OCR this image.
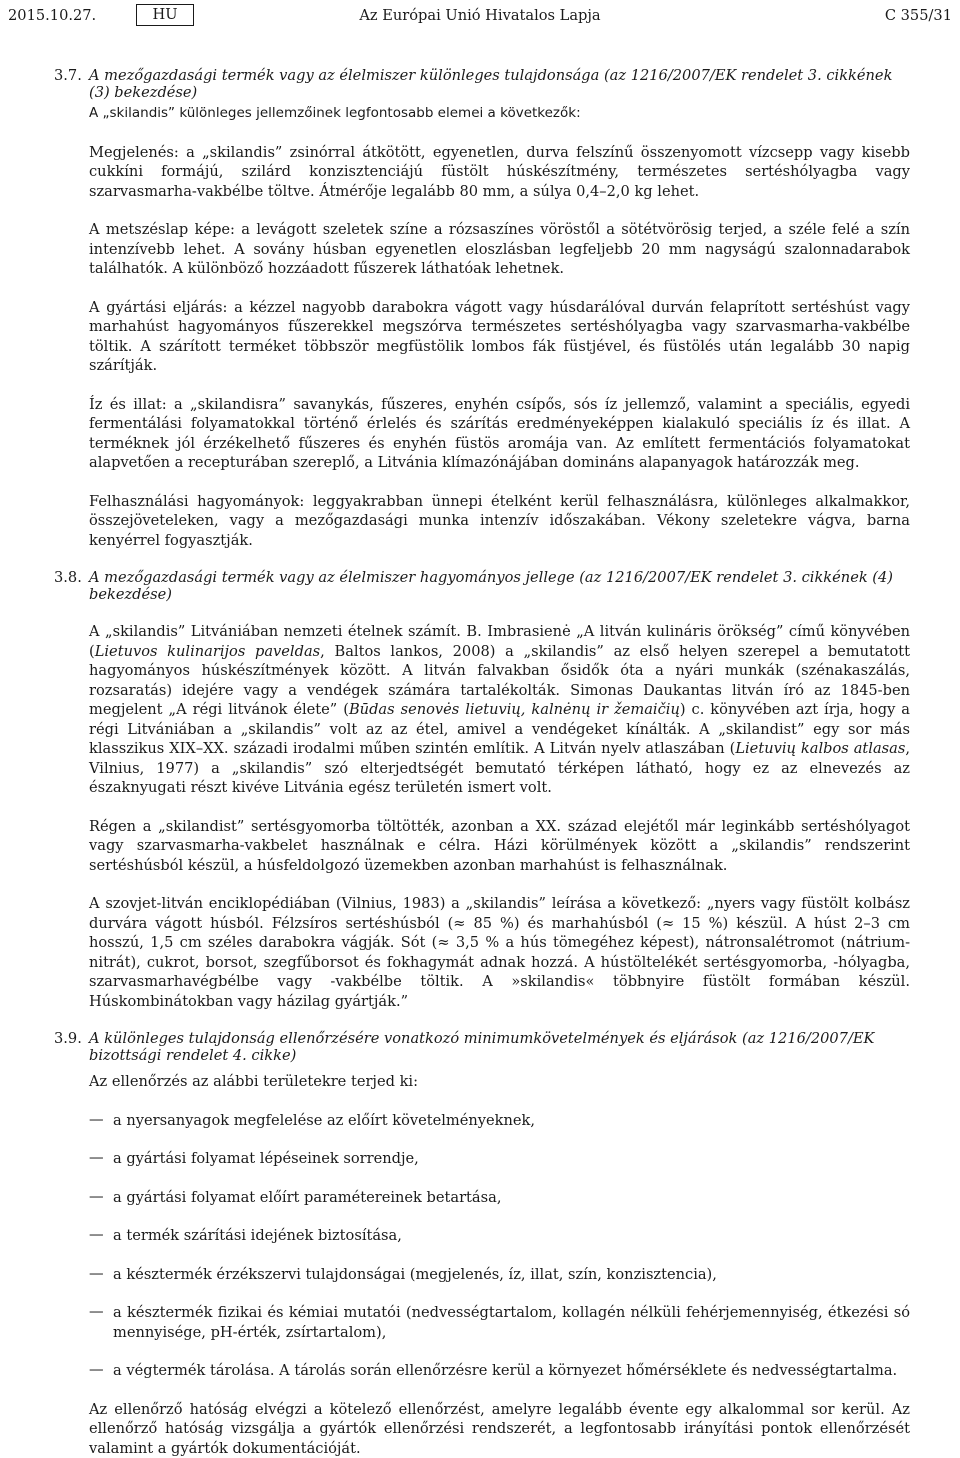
2015.10.27.	HU	Az Európai Unió Hivatalos Lapja	C 355/31
3.7. A mezőgazdasági termék vagy az élelmiszer különleges tulajdonsága (az 1216/2007/EK rendelet 3. cikkének (3) bekezdése)

A „skilandis” különleges jellemzőinek legfontosabb elemei a következők:

Megjelenés: a „skilandis” zsinórral átkötött, egyenetlen, durva felszínű összenyomott vízcsepp vagy kisebb cukkíni formájú, szilárd konzisztenciájú füstölt húskészítmény, természetes sertéshólyagba vagy szarvasmarha-vakbélbe töltve. Átmérője legalább 80 mm, a súlya 0,4–2,0 kg lehet.

A metszéslap képe: a levágott szeletek színe a rózsaszínes vöröstől a sötétvörösig terjed, a széle felé a szín intenzívebb lehet. A sovány húsban egyenetlen eloszlásban legfeljebb 20 mm nagyságú szalonnadarabok találhatók. A különböző hozzáadott fűszerek láthatóak lehetnek.

A gyártási eljárás: a kézzel nagyobb darabokra vágott vagy húsdarálóval durván felaprított sertéshúst vagy marhahúst hagyományos fűszerekkel megszórva természetes sertéshólyagba vagy szarvasmarha-vakbélbe töltik. A szárított terméket többször megfüstölik lombos fák füstjével, és füstölés után legalább 30 napig szárítják.

Íz és illat: a „skilandisra” savanykás, fűszeres, enyhén csípős, sós íz jellemző, valamint a speciális, egyedi fermentálási folyamatokkal történő érlelés és szárítás eredményeképpen kialakuló speciális íz és illat. A terméknek jól érzékelhető fűszeres és enyhén füstös aromája van. Az említett fermentációs folyamatokat alapvetően a recepturában szereplő, a Litvánia klímazónájában domináns alapanyagok határozzák meg.

Felhasználási hagyományok: leggyakrabban ünnepi ételként kerül felhasználásra, különleges alkalmakkor, összejöveteleken, vagy a mezőgazdasági munka intenzív időszakában. Vékony szeletekre vágva, barna kenyérrel fogyasztják.

3.8. A mezőgazdasági termék vagy az élelmiszer hagyományos jellege (az 1216/2007/EK rendelet 3. cikkének (4) bekezdése)

A „skilandis” Litvániában nemzeti ételnek számít. B. Imbrasienė „A litván kulináris örökség” című könyvében (Lietuvos kulinarijos paveldas, Baltos lankos, 2008) a „skilandis” az első helyen szerepel a bemutatott hagyományos húskészítmények között. A litván falvakban ősidők óta a nyári munkák (szénakaszálás, rozsaratás) idejére vagy a vendégek számára tartalékolták. Simonas Daukantas litván író az 1845-ben megjelent „A régi litvánok élete” (Būdas senovės lietuvių, kalnėnų ir žemaičių) c. könyvében azt írja, hogy a régi Litvániában a „skilandis” volt az az étel, amivel a vendégeket kínálták. A „skilandist” egy sor más klasszikus XIX–XX. századi irodalmi műben szintén említik. A Litván nyelv atlaszában (Lietuvių kalbos atlasas, Vilnius, 1977) a „skilandis” szó elterjedtségét bemutató térképen látható, hogy ez az elnevezés az északnyugati részt kivéve Litvánia egész területén ismert volt.

Régen a „skilandist” sertésgyomorba töltötték, azonban a XX. század elejétől már leginkább sertéshólyagot vagy szarvasmarha-vakbelet használnak e célra. Házi körülmények között a „skilandis” rendszerint sertéshúsból készül, a húsfeldolgozó üzemekben azonban marhahúst is felhasználnak.

A szovjet-litván enciklopédiában (Vilnius, 1983) a „skilandis” leírása a következő: „nyers vagy füstölt kolbász durvára vágott húsból. Félzsíros sertéshúsból (≈ 85 %) és marhahúsból (≈ 15 %) készül. A húst 2–3 cm hosszú, 1,5 cm széles darabokra vágják. Sót (≈ 3,5 % a hús tömegéhez képest), nátronsalétromot (nátrium-nitrát), cukrot, borsot, szegfűborsot és fokhagymát adnak hozzá. A hústöltelékét sertésgyomorba, -hólyagba, szarvasmarhavégbélbe vagy -vakbélbe töltik. A »skilandis« többnyire füstölt formában készül. Húskombinátokban vagy házilag gyártják.”

3.9. A különleges tulajdonság ellenőrzésére vonatkozó minimumkövetelmények és eljárások (az 1216/2007/EK bizottsági rendelet 4. cikke)

Az ellenőrzés az alábbi területekre terjed ki:

— a nyersanyagok megfelelése az előírt követelményeknek,
— a gyártási folyamat lépéseinek sorrendje,
— a gyártási folyamat előírt paramétereinek betartása,
— a termék szárítási idejének biztosítása,
— a késztermék érzékszervi tulajdonságai (megjelenés, íz, illat, szín, konzisztencia),
— a késztermék fizikai és kémiai mutatói (nedvességtartalom, kollagén nélküli fehérjemennyiség, étkezési só mennyisége, pH-érték, zsírtartalom),
— a végtermék tárolása. A tárolás során ellenőrzésre kerül a környezet hőmérséklete és nedvességtartalma.

Az ellenőrző hatóság elvégzi a kötelező ellenőrzést, amelyre legalább évente egy alkalommal sor kerül. Az ellenőrző hatóság vizsgálja a gyártók ellenőrzési rendszerét, a legfontosabb irányítási pontok ellenőrzését valamint a gyártók dokumentációját.
